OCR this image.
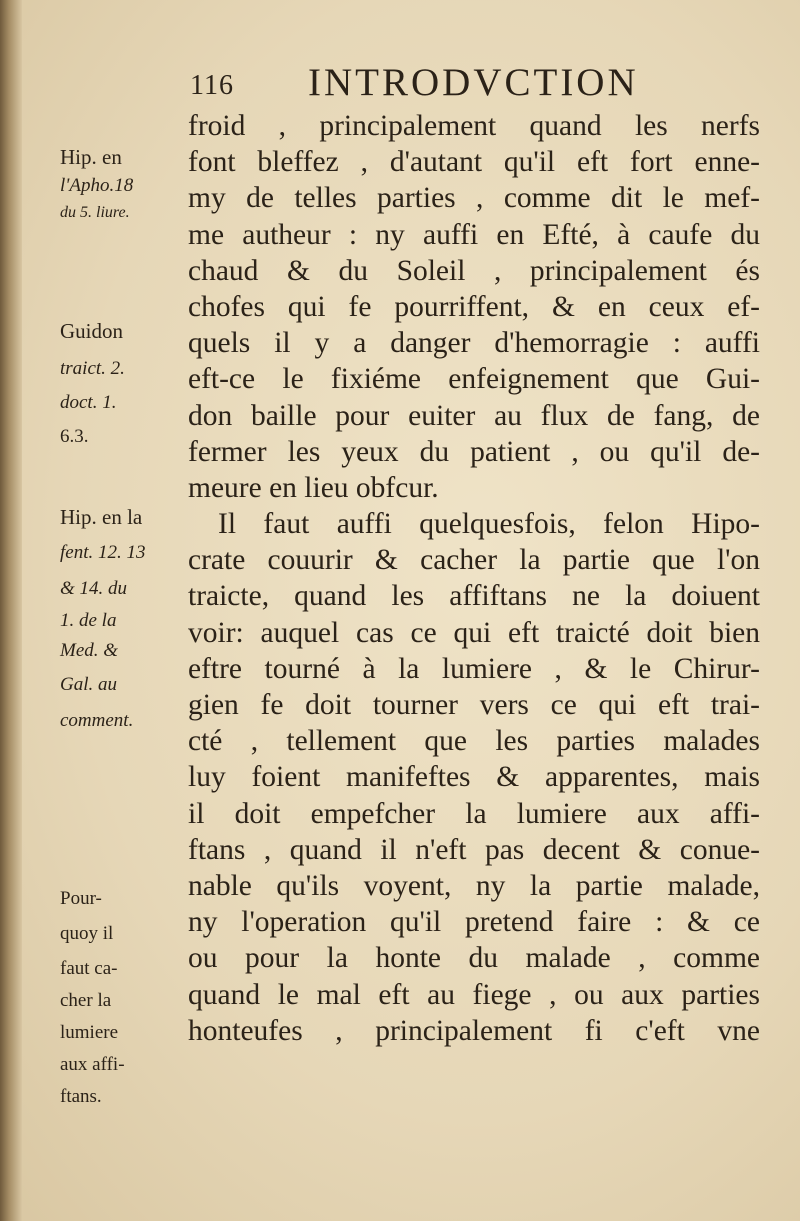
116 INTRODVCTION
froid , principalement quand les nerfs
font bleffez , d'autant qu'il eft fort enne-
my de telles parties , comme dit le mef-
me autheur : ny auffi en Efté, à caufe du
chaud & du Soleil , principalement és
chofes qui fe pourriffent, & en ceux ef-
quels il y a danger d'hemorragie : auffi
eft-ce le fixiéme enfeignement que Gui-
don baille pour euiter au flux de fang, de
fermer les yeux du patient , ou qu'il de-
meure en lieu obfcur.
Il faut auffi quelquesfois, felon Hipo-
crate couurir & cacher la partie que l'on
traicte, quand les affiftans ne la doiuent
voir: auquel cas ce qui eft traicté doit bien
eftre tourné à la lumiere , & le Chirur-
gien fe doit tourner vers ce qui eft trai-
cté , tellement que les parties malades
luy foient manifeftes & apparentes, mais
il doit empefcher la lumiere aux affi-
ftans , quand il n'eft pas decent & conue-
nable qu'ils voyent, ny la partie malade,
ny l'operation qu'il pretend faire : & ce
ou pour la honte du malade , comme
quand le mal eft au fiege , ou aux parties
honteufes , principalement fi c'eft vne
Hip. en
l'Apho.18
du 5. liure.
Guidon
traict. 2.
doct. 1.
6.3.
Hip. en la
fent. 12. 13
& 14. du
1. de la
Med. &
Gal. au
comment.
Pour-
quoy il
faut ca-
cher la
lumiere
aux affi-
ftans.
